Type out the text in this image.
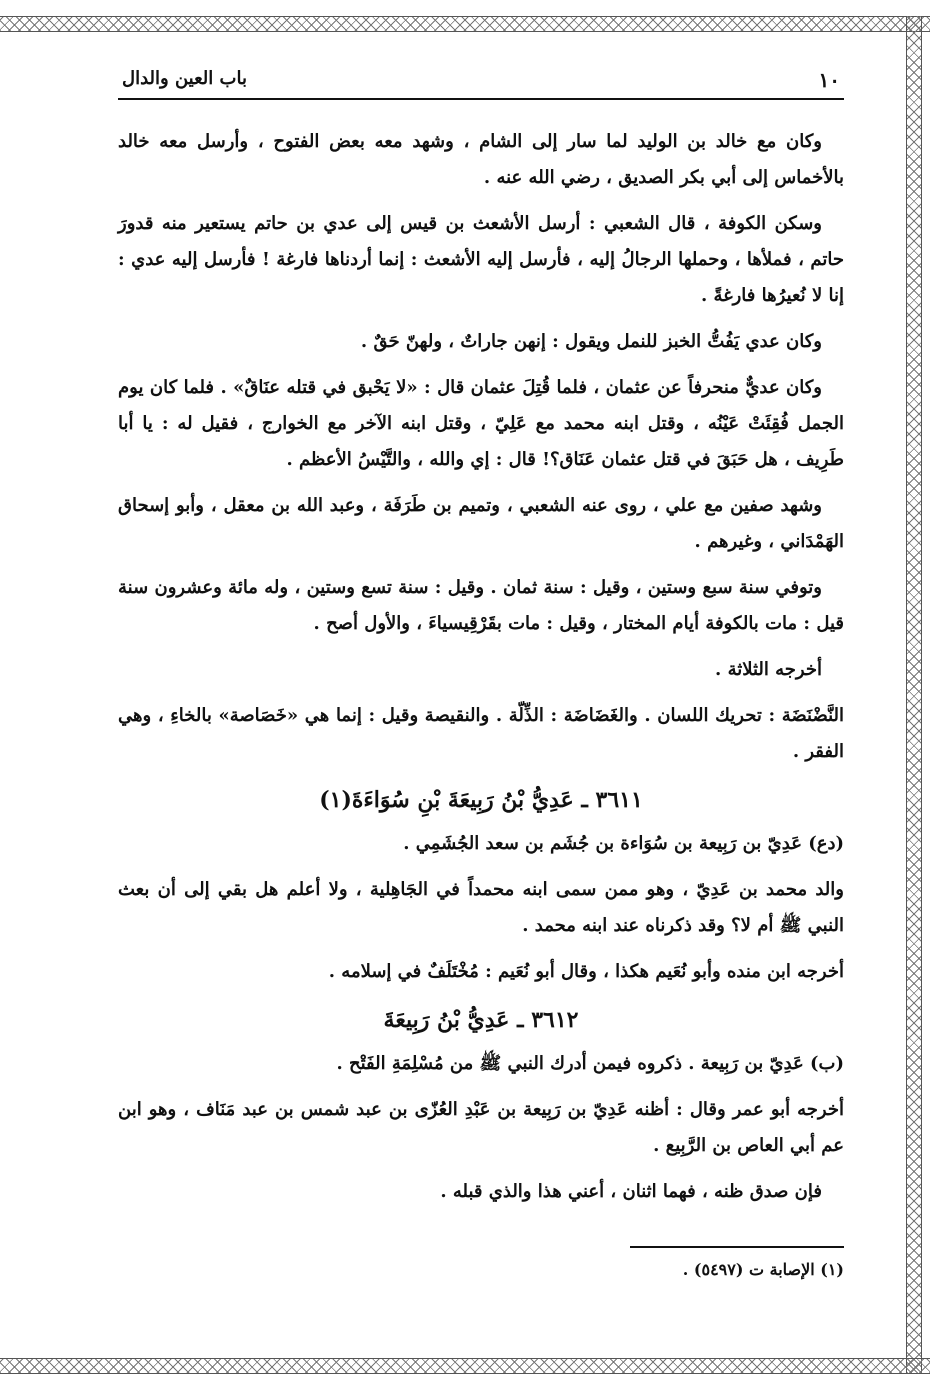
١٠
باب العين والدال

وكان مع خالد بن الوليد لما سار إلى الشام ، وشهد معه بعض الفتوح ، وأرسل معه خالد بالأخماس إلى أبي بكر الصديق ، رضي الله عنه .

وسكن الكوفة ، قال الشعبي : أرسل الأشعث بن قيس إلى عدي بن حاتم يستعير منه قدورَ حاتم ، فملأها ، وحملها الرجالُ إليه ، فأرسل إليه الأشعث : إنما أردناها فارغة ! فأرسل إليه عدي : إنا لا نُعيرُها فارغةً .

وكان عدي يَفُتُّ الخبز للنمل ويقول : إنهن جاراتٌ ، ولهنّ حَقٌ .

وكان عديٌّ منحرفاً عن عثمان ، فلما قُتِلَ عثمان قال : «لا يَحْبق في قتله عنَاقٌ» . فلما كان يوم الجمل فُقِئَتْ عَيْنُه ، وقتل ابنه محمد مع عَلِيّ ، وقتل ابنه الآخر مع الخوارج ، فقيل له : يا أبا طَرِيف ، هل حَبَقَ في قتل عثمان عَنَاق؟! قال : إي والله ، والتَّيْسُ الأعظم .

وشهد صفين مع علي ، روى عنه الشعبي ، وتميم بن طَرَفَة ، وعبد الله بن معقل ، وأبو إسحاق الهَمْدَاني ، وغيرهم .

وتوفي سنة سبع وستين ، وقيل : سنة ثمان . وقيل : سنة تسع وستين ، وله مائة وعشرون سنة قيل : مات بالكوفة أيام المختار ، وقيل : مات بقَرْقِيسياءَ ، والأول أصح .

أخرجه الثلاثة .

النَّضْنَضَة : تحريك اللسان . والغَضَاضَة : الذِّلّة . والنقيصة وقيل : إنما هي «خَصَاصة» بالخاءِ ، وهي الفقر .

٣٦١١ ـ عَدِيُّ بْنُ رَبِيعَةَ بْنِ سُوَاءَةَ(١)

(دع) عَدِيّ بن رَبِيعة بن سُوَاءة بن جُشَم بن سعد الجُشَمِي .

والد محمد بن عَدِيّ ، وهو ممن سمى ابنه محمداً في الجَاهِلية ، ولا أعلم هل بقي إلى أن بعث النبي ﷺ أم لا؟ وقد ذكرناه عند ابنه محمد .

أخرجه ابن منده وأبو نُعَيم هكذا ، وقال أبو نُعَيم : مُخْتَلَفٌ في إسلامه .

٣٦١٢ ـ عَدِيُّ بْنُ رَبِيعَةَ

(ب) عَدِيّ بن رَبِيعة . ذكروه فيمن أدرك النبي ﷺ من مُسْلِمَةِ الفَتْح .

أخرجه أبو عمر وقال : أظنه عَدِيّ بن رَبِيعة بن عَبْدِ العُزّى بن عبد شمس بن عبد مَنَاف ، وهو ابن عم أبي العاص بن الرَّبِيع .

فإن صدق ظنه ، فهما اثنان ، أعني هذا والذي قبله .

(١) الإصابة ت (٥٤٩٧) .
